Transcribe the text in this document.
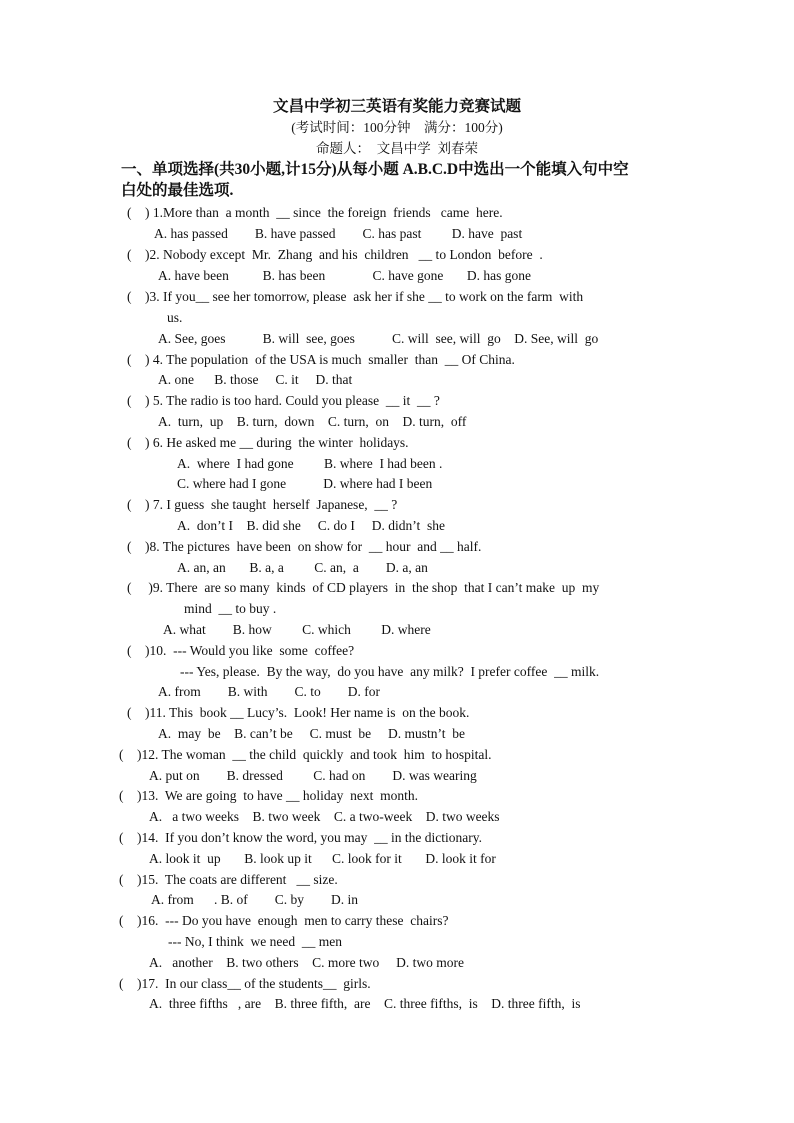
文昌中学初三英语有奖能力竞赛试题
(考试时间：100分钟    满分：100分)
命题人：  文昌中学  刘春荣
一、单项选择(共30小题,计15分)从每小题 A.B.C.D中选出一个能填入句中空
白处的最佳选项.
(    ) 1.More than  a month  __ since  the foreign  friends   came  here.
A. has passed        B. have passed        C. has past         D. have  past
(    )2. Nobody except  Mr.  Zhang  and his  children   __ to London  before  .
A. have been          B. has been              C. have gone       D. has gone
(    )3. If you__ see her tomorrow, please  ask her if she __ to work on the farm  with
us.
A. See, goes           B. will  see, goes           C. will  see, will  go    D. See, will  go
(    ) 4. The population  of the USA is much  smaller  than  __ Of China.
A. one      B. those     C. it     D. that
(    ) 5. The radio is too hard. Could you please  __ it  __ ?
A.  turn,  up    B. turn,  down    C. turn,  on    D. turn,  off
(    ) 6. He asked me __ during  the winter  holidays.
A.  where  I had gone         B. where  I had been .
C. where had I gone           D. where had I been
(    ) 7. I guess  she taught  herself  Japanese,  __ ?
A.  don’t I    B. did she     C. do I     D. didn’t  she
(    )8. The pictures  have been  on show for  __ hour  and __ half.
A. an, an       B. a, a         C. an,  a        D. a, an
(     )9. There  are so many  kinds  of CD players  in  the shop  that I can’t make  up  my
mind  __ to buy .
A. what        B. how         C. which         D. where
(    )10.  --- Would you like  some  coffee?
--- Yes, please.  By the way,  do you have  any milk?  I prefer coffee  __ milk.
A. from        B. with        C. to        D. for
(    )11. This  book __ Lucy’s.  Look! Her name is  on the book.
A.  may  be    B. can’t be     C. must  be     D. mustn’t  be
(    )12. The woman  __ the child  quickly  and took  him  to hospital.
A. put on        B. dressed         C. had on        D. was wearing
(    )13.  We are going  to have __ holiday  next  month.
A.   a two weeks    B. two week    C. a two-week    D. two weeks
(    )14.  If you don’t know the word, you may  __ in the dictionary.
A. look it  up       B. look up it      C. look for it       D. look it for
(    )15.  The coats are different   __ size.
A. from      . B. of        C. by        D. in
(    )16.  --- Do you have  enough  men to carry these  chairs?
--- No, I think  we need  __ men
A.   another    B. two others    C. more two     D. two more
(    )17.  In our class__ of the students__  girls.
A.  three fifths   , are    B. three fifth,  are    C. three fifths,  is    D. three fifth,  is
